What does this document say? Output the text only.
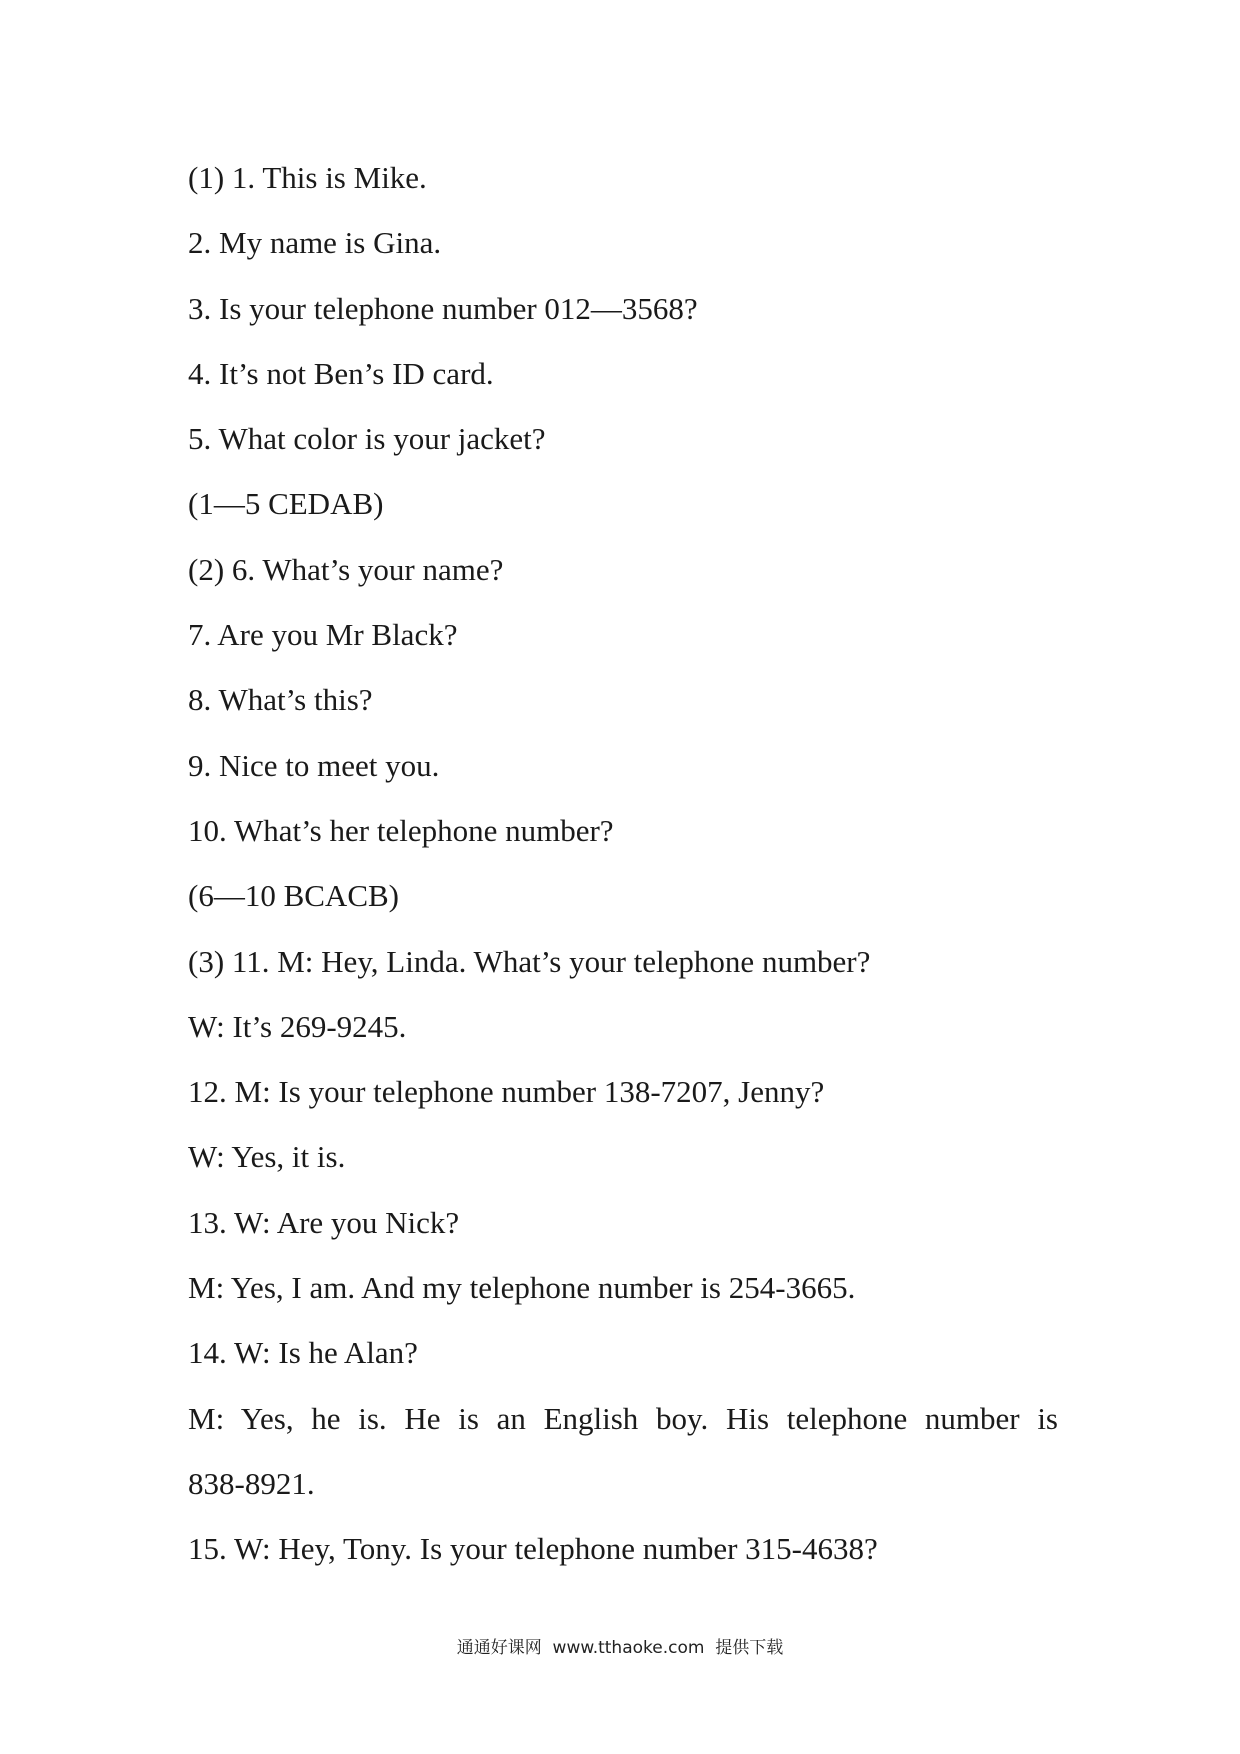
(1) 1. This is Mike.
2. My name is Gina.
3. Is your telephone number 012—3568?
4. It’s not Ben’s ID card.
5. What color is your jacket?
(1—5 CEDAB)
(2) 6. What’s your name?
7. Are you Mr Black?
8. What’s this?
9. Nice to meet you.
10. What’s her telephone number?
(6—10 BCACB)
(3) 11. M: Hey, Linda. What’s your telephone number?
W: It’s 269-9245.
12. M: Is your telephone number 138-7207, Jenny?
W: Yes, it is.
13. W: Are you Nick?
M: Yes, I am. And my telephone number is 254-3665.
14. W: Is he Alan?
M: Yes, he is. He is an English boy. His telephone number is
838-8921.
15. W: Hey, Tony. Is your telephone number 315-4638?
通通好课网  www.tthaoke.com  提供下载
